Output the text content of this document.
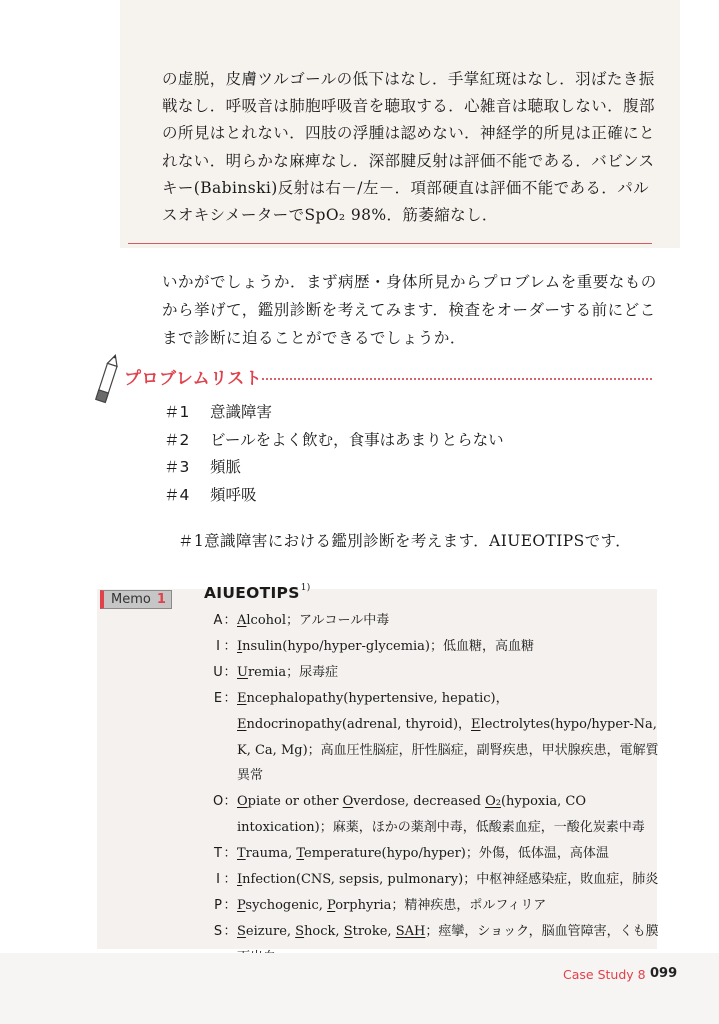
の虚脱，皮膚ツルゴールの低下はなし．手掌紅斑はなし．羽ばたき振戦なし．呼吸音は肺胞呼吸音を聴取する．心雑音は聴取しない．腹部の所見はとれない．四肢の浮腫は認めない．神経学的所見は正確にとれない．明らかな麻痺なし．深部腱反射は評価不能である．バビンスキー(Babinski)反射は右－/左－．項部硬直は評価不能である．パルスオキシメーターでSpO₂ 98%．筋萎縮なし．

いかがでしょうか．まず病歴・身体所見からプロブレムを重要なものから挙げて，鑑別診断を考えてみます．検査をオーダーする前にどこまで診断に迫ることができるでしょうか．

プロブレムリスト
＃1	意識障害
＃2	ビールをよく飲む，食事はあまりとらない
＃3	頻脈
＃4	頻呼吸
＃1意識障害における鑑別診断を考えます．AIUEOTIPSです．
Memo 1	AIUEOTIPS$^{1)}$
A ： Alcohol；アルコール中毒
I ： Insulin(hypo/hyper-glycemia)；低血糖，高血糖
U ： Uremia；尿毒症
E ： Encephalopathy(hypertensive, hepatic)，Endocrinopathy(adrenal, thyroid)，Electrolytes(hypo/hyper-Na, K, Ca, Mg)；高血圧性脳症，肝性脳症，副腎疾患，甲状腺疾患，電解質異常
O ： Opiate or other Overdose, decreased O₂(hypoxia, CO intoxication)；麻薬，ほかの薬剤中毒，低酸素血症，一酸化炭素中毒
T ： Trauma, Temperature(hypo/hyper)；外傷，低体温，高体温
I ： Infection(CNS, sepsis, pulmonary)；中枢神経感染症，敗血症，肺炎
P ： Psychogenic, Porphyria；精神疾患，ポルフィリア
S ： Seizure, Shock, Stroke, SAH；痙攣，ショック，脳血管障害，くも膜
Case Study 8 099
